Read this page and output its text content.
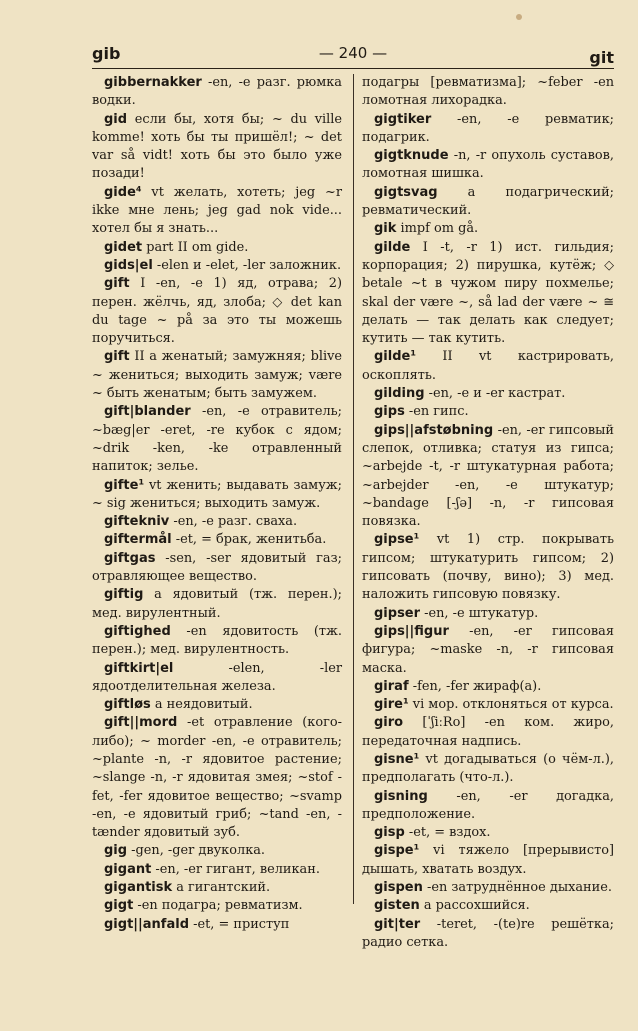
gib	— 240 —	git

gibbernakker -en, -e разг. рюмка водки.

gid если бы, хотя бы; ~ du ville komme! хоть бы ты пришёл!; ~ det var så vidt! хоть бы это было уже позади!

gide⁴ vt желать, хотеть; jeg ~r ikke мне лень; jeg gad nok vide... хотел бы я знать...

gidet part II om gide.

gids|el -elen и -elet, -ler заложник.

gift I -en, -e 1) яд, отрава; 2) перен. жёлчь, яд, злоба; ◇ det kan du tage ~ på за это ты можешь поручиться.

gift II a женатый; замужняя; blive ~ жениться; выходить замуж; være ~ быть женатым; быть замужем.

gift|blander -en, -e отравитель; ~bæg|er -eret, -re кубок с ядом; ~drik -ken, -ke отравленный напиток; зелье.

gifte¹ vt женить; выдавать замуж; ~ sig жениться; выходить замуж.

giftekniv -en, -e разг. сваха.

giftermål -et, = брак, женитьба.

giftgas -sen, -ser ядовитый газ; отравляющее вещество.

giftig a ядовитый (тж. перен.); мед. вирулентный.

giftighed -en ядовитость (тж. перен.); мед. вирулентность.

giftkirt|el -elen, -ler ядоотделительная железа.

giftløs a неядовитый.

gift||mord -et отравление (кого-либо); ~ morder -en, -e отравитель; ~plante -n, -r ядовитое растение; ~slange -n, -r ядовитая змея; ~stof -fet, -fer ядовитое вещество; ~svamp -en, -e ядовитый гриб; ~tand -en, -tænder ядовитый зуб.

gig -gen, -ger двуколка.

gigant -en, -er гигант, великан.

gigantisk a гигантский.

gigt -en подагра; ревматизм.

gigt||anfald -et, = приступ

подагры [ревматизма]; ~feber -en ломотная лихорадка.

gigtiker -en, -e ревматик; подагрик.

gigtknude -n, -r опухоль суставов, ломотная шишка.

gigtsvag a подагрический; ревматический.

gik impf om gå.

gilde I -t, -r 1) ист. гильдия; корпорация; 2) пирушка, кутёж; ◇ betale ~t в чужом пиру похмелье; skal der være ~, så lad der være ~ ≅ делать — так делать как следует; кутить — так кутить.

gilde¹ II vt кастрировать, оскоплять.

gilding -en, -e и -er кастрат.

gips -en гипс.

gips||afstøbning -en, -er гипсовый слепок, отливка; статуя из гипса; ~arbejde -t, -r штукатурная работа; ~arbejder -en, -e штукатур; ~bandage [-ʃə] -n, -r гипсовая повязка.

gipse¹ vt 1) стр. покрывать гипсом; штукатурить гипсом; 2) гипсовать (почву, вино); 3) мед. наложить гипсовую повязку.

gipser -en, -e штукатур.

gips||figur -en, -er гипсовая фигура; ~maske -n, -r гипсовая маска.

giraf -fen, -fer жираф(а).

gire¹ vi мор. отклоняться от курса.

giro [ˈʃiːRo] -en ком. жиро, передаточная надпись.

gisne¹ vt догадываться (о чём-л.), предполагать (что-л.).

gisning -en, -er догадка, предположение.

gisp -et, = вздох.

gispe¹ vi тяжело [прерывисто] дышать, хватать воздух.

gispen -en затруднённое дыхание.

gisten a рассохшийся.

git|ter -teret, -(te)re решётка; радио сетка.
